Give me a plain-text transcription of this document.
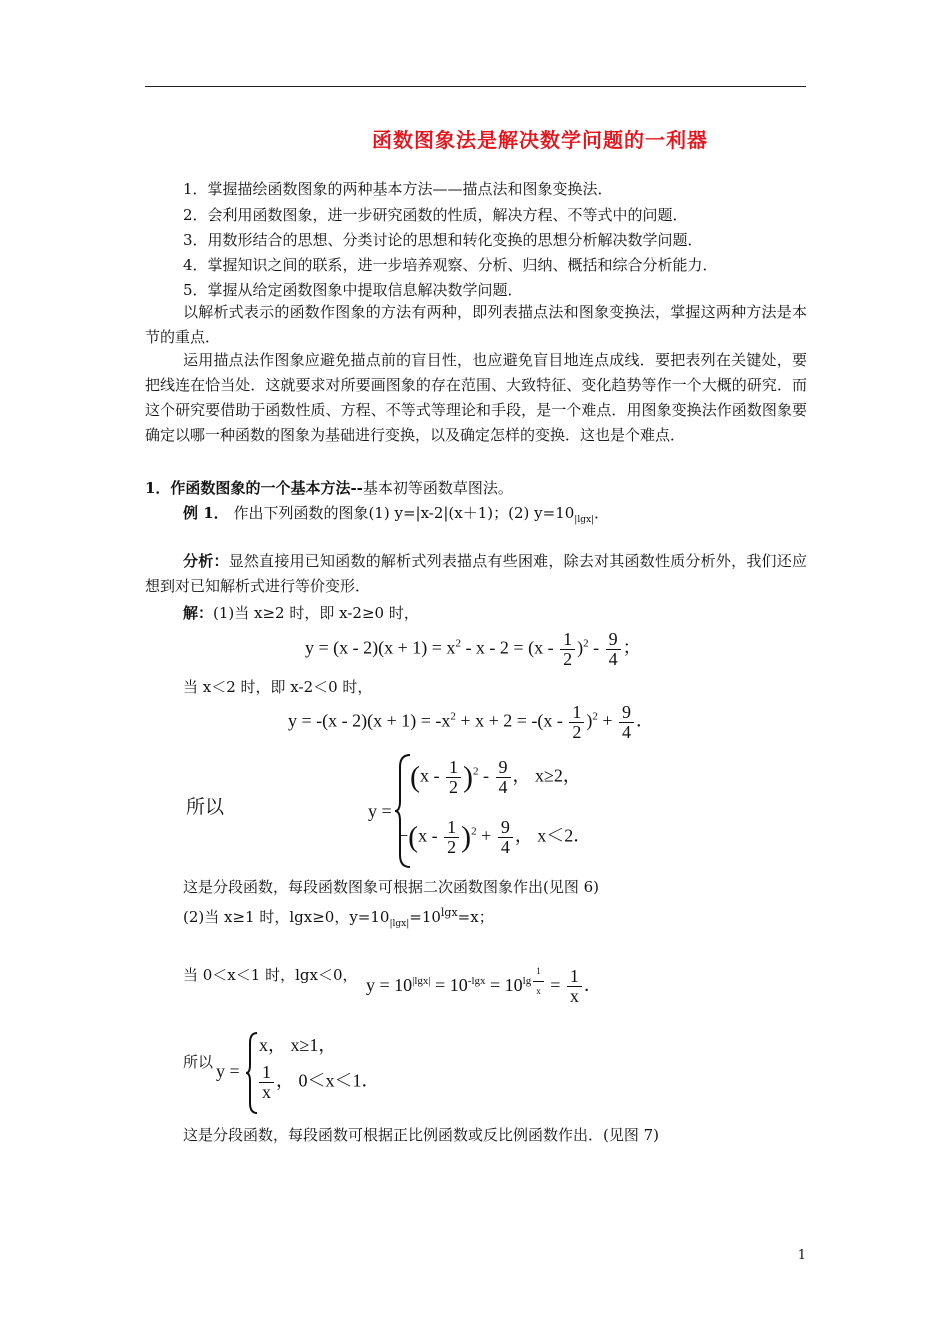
函数图象法是解决数学问题的一利器
1．掌握描绘函数图象的两种基本方法——描点法和图象变换法．
2．会利用函数图象，进一步研究函数的性质，解决方程、不等式中的问题．
3．用数形结合的思想、分类讨论的思想和转化变换的思想分析解决数学问题．
4．掌握知识之间的联系，进一步培养观察、分析、归纳、概括和综合分析能力．
5．掌握从给定函数图象中提取信息解决数学问题．
以解析式表示的函数作图象的方法有两种，即列表描点法和图象变换法，掌握这两种方法是本节的重点．
运用描点法作图象应避免描点前的盲目性，也应避免盲目地连点成线．要把表列在关键处，要把线连在恰当处．这就要求对所要画图象的存在范围、大致特征、变化趋势等作一个大概的研究．而这个研究要借助于函数性质、方程、不等式等理论和手段，是一个难点．用图象变换法作函数图象要确定以哪一种函数的图象为基础进行变换，以及确定怎样的变换．这也是个难点．
1．作函数图象的一个基本方法--基本初等函数草图法。
例 1． 作出下列函数的图象(1) y=|x-2|(x＋1)；(2) $y=10_{|lgx|}$．
分析：显然直接用已知函数的解析式列表描点有些困难，除去对其函数性质分析外，我们还应想到对已知解析式进行等价变形．
解：(1)当 x≥2 时，即 x-2≥0 时，
$y = (x - 2)(x + 1) = x^2 - x - 2 = (x - \frac{1}{2} )^2 - \frac{9}{4}$ ；
当 x＜2 时，即 x-2＜0 时，
$y = -(x - 2)(x + 1) = -x^2 + x + 2 = -(x - \frac{1}{2} )^2 + \frac{9}{4}$ ．
所以	y =
$(x - \frac{1}{2} )^2 - \frac{9}{4}$ ， x≥2，
$-(x - \frac{1}{2} )^2 + \frac{9}{4}$ ， x＜2．
这是分段函数，每段函数图象可根据二次函数图象作出(见图 6)
(2)当 x≥1 时，lgx≥0，$y=10_{|lgx|}=10^{lgx}=x$；
当 0＜x＜1 时，lgx＜0，
$y = 10^{|lgx|} = 10^{-lgx} = 10^{lg \frac{1}{x}} = \frac{1}{x}$ ．
所以 y =
x， x≥1，
$\frac{1}{x}$ ， 0＜x＜1．
这是分段函数，每段函数可根据正比例函数或反比例函数作出．(见图 7)
1
